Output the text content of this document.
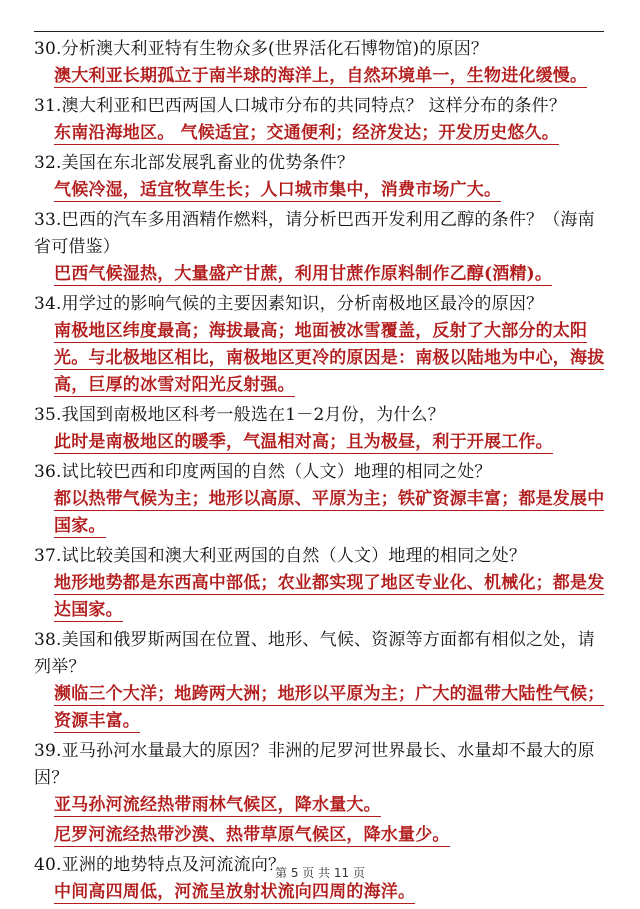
30.分析澳大利亚特有生物众多(世界活化石博物馆)的原因？

澳大利亚长期孤立于南半球的海洋上，自然环境单一，生物进化缓慢。

31.澳大利亚和巴西两国人口城市分布的共同特点？ 这样分布的条件？

东南沿海地区。 气候适宜；交通便利；经济发达；开发历史悠久。

32.美国在东北部发展乳畜业的优势条件？

气候冷湿，适宜牧草生长；人口城市集中，消费市场广大。

33.巴西的汽车多用酒精作燃料，请分析巴西开发利用乙醇的条件？（海南省可借鉴）

巴西气候湿热，大量盛产甘蔗，利用甘蔗作原料制作乙醇(酒精)。

34.用学过的影响气候的主要因素知识，分析南极地区最冷的原因？

南极地区纬度最高；海拔最高；地面被冰雪覆盖，反射了大部分的太阳光。与北极地区相比，南极地区更冷的原因是：南极以陆地为中心，海拔高，巨厚的冰雪对阳光反射强。

35.我国到南极地区科考一般选在1－2月份，为什么？

此时是南极地区的暖季，气温相对高；且为极昼，利于开展工作。

36.试比较巴西和印度两国的自然（人文）地理的相同之处？

都以热带气候为主；地形以高原、平原为主；铁矿资源丰富；都是发展中国家。

37.试比较美国和澳大利亚两国的自然（人文）地理的相同之处？

地形地势都是东西高中部低；农业都实现了地区专业化、机械化；都是发达国家。

38.美国和俄罗斯两国在位置、地形、气候、资源等方面都有相似之处，请列举？

濒临三个大洋；地跨两大洲；地形以平原为主；广大的温带大陆性气候；资源丰富。

39.亚马孙河水量最大的原因？非洲的尼罗河世界最长、水量却不最大的原因？

亚马孙河流经热带雨林气候区，降水量大。

尼罗河流经热带沙漠、热带草原气候区，降水量少。

40.亚洲的地势特点及河流流向？

中间高四周低，河流呈放射状流向四周的海洋。

第 5 页 共 11 页
